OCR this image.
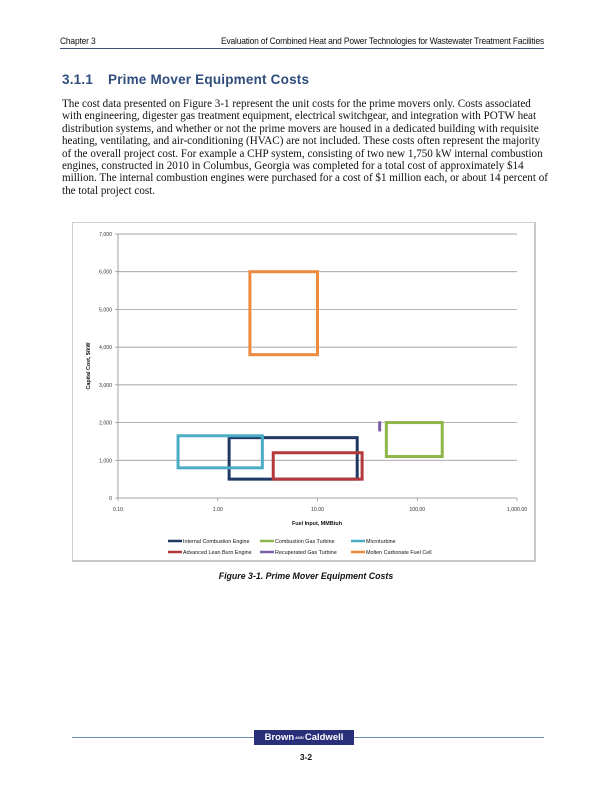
Chapter 3	Evaluation of Combined Heat and Power Technologies for Wastewater Treatment Facilities
3.1.1 Prime Mover Equipment Costs
The cost data presented on Figure 3-1 represent the unit costs for the prime movers only. Costs associated with engineering, digester gas treatment equipment, electrical switchgear, and integration with POTW heat distribution systems, and whether or not the prime movers are housed in a dedicated building with requisite heating, ventilating, and air-conditioning (HVAC) are not included. These costs often represent the majority of the overall project cost. For example a CHP system, consisting of two new 1,750 kW internal combustion engines, constructed in 2010 in Columbus, Georgia was completed for a total cost of approximately $14 million. The internal combustion engines were purchased for a cost of $1 million each, or about 14 percent of the total project cost.
0
1,000
2,000
3,000
4,000
5,000
6,000
7,000
0.10	1.00	10.00	100.00	1,000.00
Fuel Input, MMBtuh
Capital Cost, $/kW
Internal Combustion Engine	Combustion Gas Turbine	Microturbine
Advanced Lean Burn Engine	Recuperated Gas Turbine	Molten Carbonate Fuel Cell
Figure 3-1. Prime Mover Equipment Costs
BrownANDCaldwell
3-2
